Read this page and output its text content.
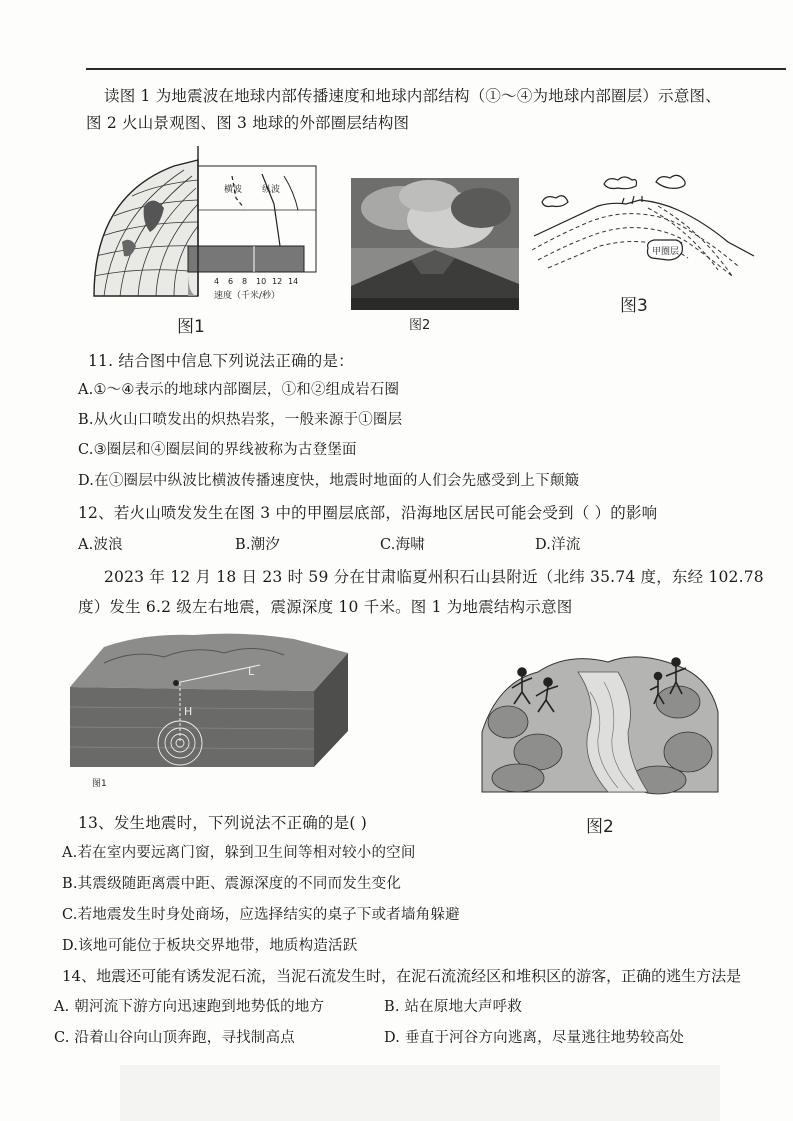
读图 1 为地震波在地球内部传播速度和地球内部结构（①～④为地球内部圈层）示意图、
图 2 火山景观图、图 3 地球的外部圈层结构图
横波 纵波
4 6 8 10 12 14
速度（千米/秒）
图1	图2
甲圈层
图3
11. 结合图中信息下列说法正确的是：
A.①～④表示的地球内部圈层，①和②组成岩石圈
B.从火山口喷发出的炽热岩浆，一般来源于①圈层
C.③圈层和④圈层间的界线被称为古登堡面
D.在①圈层中纵波比横波传播速度快，地震时地面的人们会先感受到上下颠簸
12、若火山喷发发生在图 3 中的甲圈层底部，沿海地区居民可能会受到（ ）的影响
A.波浪	B.潮汐	C.海啸	D.洋流
2023 年 12 月 18 日 23 时 59 分在甘肃临夏州积石山县附近（北纬 35.74 度，东经 102.78
度）发生 6.2 级左右地震，震源深度 10 千米。图 1 为地震结构示意图
L
H
图1
图2
13、发生地震时，下列说法不正确的是( )
A.若在室内要远离门窗，躲到卫生间等相对较小的空间
B.其震级随距离震中距、震源深度的不同而发生变化
C.若地震发生时身处商场，应选择结实的桌子下或者墙角躲避
D.该地可能位于板块交界地带，地质构造活跃
14、地震还可能有诱发泥石流，当泥石流发生时，在泥石流流经区和堆积区的游客，正确的逃生方法是
A. 朝河流下游方向迅速跑到地势低的地方	B. 站在原地大声呼救
C. 沿着山谷向山顶奔跑，寻找制高点	D. 垂直于河谷方向逃离，尽量逃往地势较高处
